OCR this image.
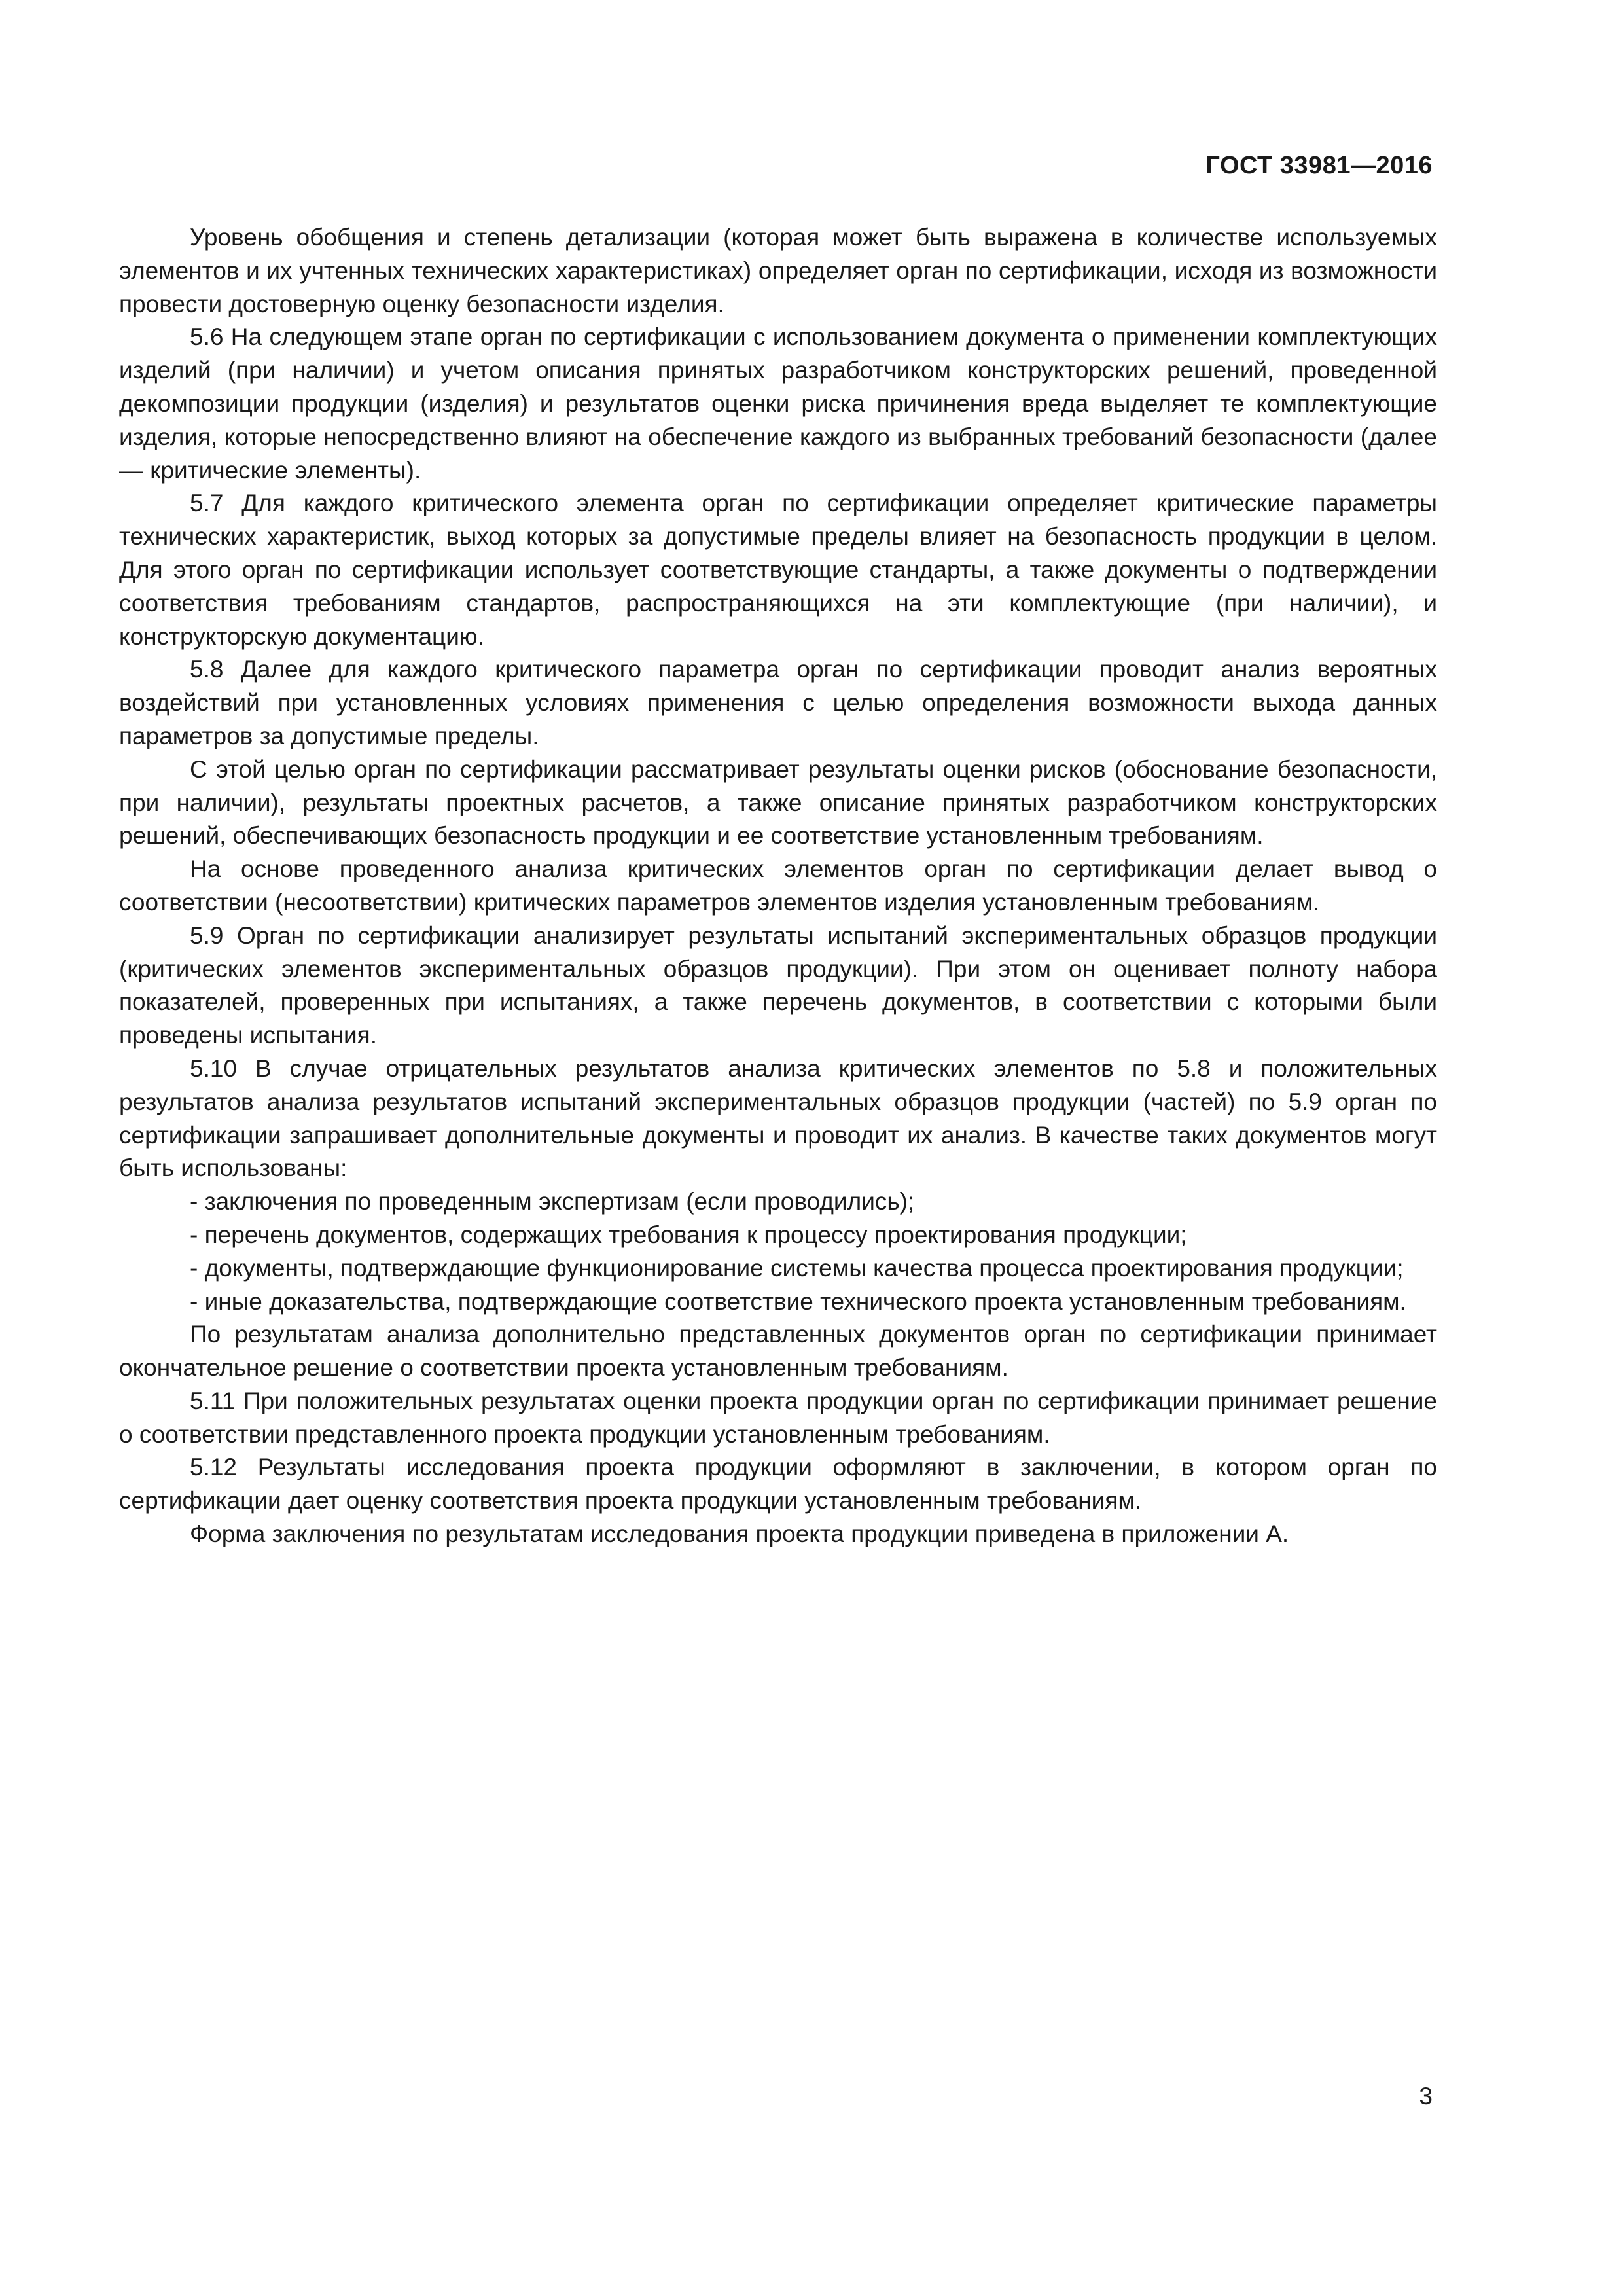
ГОСТ 33981—2016

Уровень обобщения и степень детализации (которая может быть выражена в количестве используемых элементов и их учтенных технических характеристиках) определяет орган по сертификации, исходя из возможности провести достоверную оценку безопасности изделия.

5.6 На следующем этапе орган по сертификации с использованием документа о применении комплектующих изделий (при наличии) и учетом описания принятых разработчиком конструкторских решений, проведенной декомпозиции продукции (изделия) и результатов оценки риска причинения вреда выделяет те комплектующие изделия, которые непосредственно влияют на обеспечение каждого из выбранных требований безопасности (далее — критические элементы).

5.7 Для каждого критического элемента орган по сертификации определяет критические параметры технических характеристик, выход которых за допустимые пределы влияет на безопасность продукции в целом. Для этого орган по сертификации использует соответствующие стандарты, а также документы о подтверждении соответствия требованиям стандартов, распространяющихся на эти комплектующие (при наличии), и конструкторскую документацию.

5.8 Далее для каждого критического параметра орган по сертификации проводит анализ вероятных воздействий при установленных условиях применения с целью определения возможности выхода данных параметров за допустимые пределы.

С этой целью орган по сертификации рассматривает результаты оценки рисков (обоснование безопасности, при наличии), результаты проектных расчетов, а также описание принятых разработчиком конструкторских решений, обеспечивающих безопасность продукции и ее соответствие установленным требованиям.

На основе проведенного анализа критических элементов орган по сертификации делает вывод о соответствии (несоответствии) критических параметров элементов изделия установленным требованиям.

5.9 Орган по сертификации анализирует результаты испытаний экспериментальных образцов продукции (критических элементов экспериментальных образцов продукции). При этом он оценивает полноту набора показателей, проверенных при испытаниях, а также перечень документов, в соответствии с которыми были проведены испытания.

5.10 В случае отрицательных результатов анализа критических элементов по 5.8 и положительных результатов анализа результатов испытаний экспериментальных образцов продукции (частей) по 5.9 орган по сертификации запрашивает дополнительные документы и проводит их анализ. В качестве таких документов могут быть использованы:

- заключения по проведенным экспертизам (если проводились);

- перечень документов, содержащих требования к процессу проектирования продукции;

- документы, подтверждающие функционирование системы качества процесса проектирования продукции;

- иные доказательства, подтверждающие соответствие технического проекта установленным требованиям.

По результатам анализа дополнительно представленных документов орган по сертификации принимает окончательное решение о соответствии проекта установленным требованиям.

5.11 При положительных результатах оценки проекта продукции орган по сертификации принимает решение о соответствии представленного проекта продукции установленным требованиям.

5.12 Результаты исследования проекта продукции оформляют в заключении, в котором орган по сертификации дает оценку соответствия проекта продукции установленным требованиям.

Форма заключения по результатам исследования проекта продукции приведена в приложении А.

3
